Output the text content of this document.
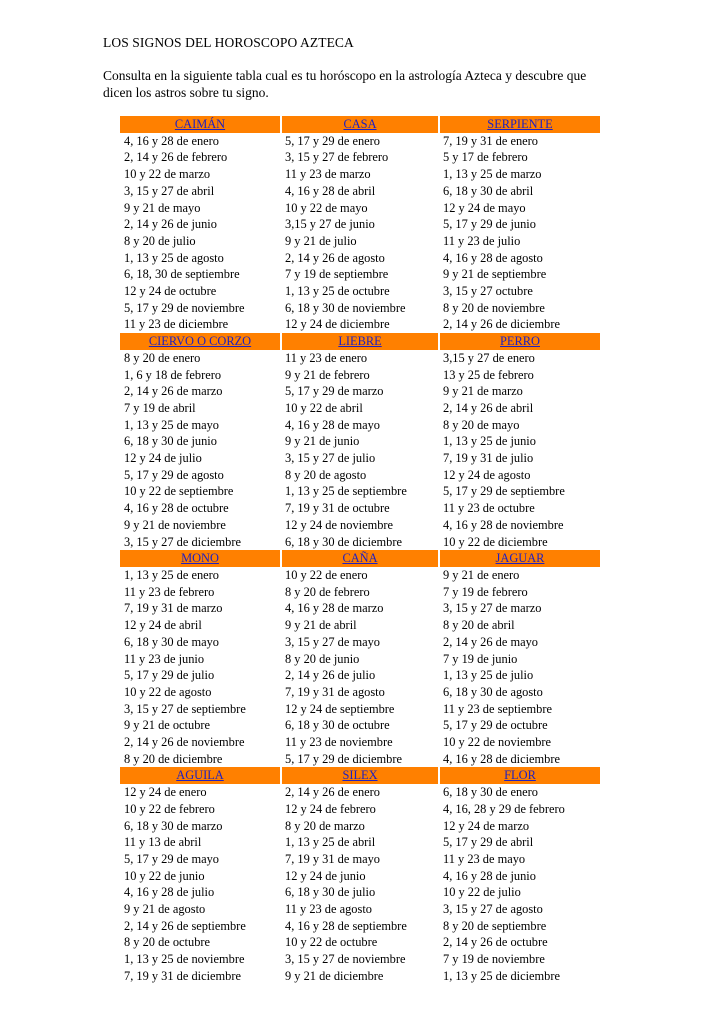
LOS SIGNOS DEL HOROSCOPO AZTECA
Consulta en la siguiente tabla cual es tu horóscopo en la astrología Azteca y descubre que dicen los astros sobre tu signo.
CAIMÁN	CASA	SERPIENTE
4, 16 y 28 de enero	5, 17 y 29 de enero	7, 19 y 31 de enero
2, 14 y 26 de febrero	3, 15 y 27 de febrero	5 y 17 de febrero
10 y 22 de marzo	11 y 23 de marzo	1, 13 y 25 de marzo
3, 15 y 27 de abril	4, 16 y 28 de abril	6, 18 y 30 de abril
9 y 21 de mayo	10 y 22 de mayo	12 y 24 de mayo
2, 14 y 26 de junio	3,15 y 27 de junio	5, 17 y 29 de junio
8 y 20 de julio	9 y 21 de julio	11 y 23 de julio
1, 13 y 25 de agosto	2, 14 y 26 de agosto	4, 16 y 28 de agosto
6, 18, 30 de septiembre	7 y 19 de septiembre	9 y 21 de septiembre
12 y 24 de octubre	1, 13 y 25 de octubre	3, 15 y 27 octubre
5, 17 y 29 de noviembre	6, 18 y 30 de noviembre	8 y 20 de noviembre
11 y 23 de diciembre	12 y 24 de diciembre	2, 14 y 26 de diciembre
CIERVO O CORZO	LIEBRE	PERRO
8 y 20 de enero	11 y 23 de enero	3,15 y 27 de enero
1, 6 y 18 de febrero	9 y 21 de febrero	13 y 25 de febrero
2, 14 y 26 de marzo	5, 17 y 29 de marzo	9 y 21 de marzo
7 y 19 de abril	10 y 22 de abril	2, 14 y 26 de abril
1, 13 y 25 de mayo	4, 16 y 28 de mayo	8 y 20 de mayo
6, 18 y 30 de junio	9 y 21 de junio	1, 13 y 25 de junio
12 y 24 de julio	3, 15 y 27 de julio	7, 19 y 31 de julio
5, 17 y 29 de agosto	8 y 20 de agosto	12 y 24 de agosto
10 y 22 de septiembre	1, 13 y 25 de septiembre	5, 17 y 29 de septiembre
4, 16 y 28 de octubre	7, 19 y 31 de octubre	11 y 23 de octubre
9 y 21 de noviembre	12 y 24 de noviembre	4, 16 y 28 de noviembre
3, 15 y 27 de diciembre	6, 18 y 30 de diciembre	10 y 22 de diciembre
MONO	CAÑA	JAGUAR
1, 13 y 25 de enero	10 y 22 de enero	9 y 21 de enero
11 y 23 de febrero	8 y 20 de febrero	7 y 19 de febrero
7, 19 y 31 de marzo	4, 16 y 28 de marzo	3, 15 y 27 de marzo
12 y 24 de abril	9 y 21 de abril	8 y 20 de abril
6, 18 y 30 de mayo	3, 15 y 27 de mayo	2, 14 y 26 de mayo
11 y 23 de junio	8 y 20 de junio	7 y 19 de junio
5, 17 y 29 de julio	2, 14 y 26 de julio	1, 13 y 25 de julio
10 y 22 de agosto	7, 19 y 31 de agosto	6, 18 y 30 de agosto
3, 15 y 27 de septiembre	12 y 24 de septiembre	11 y 23 de septiembre
9 y 21 de octubre	6, 18 y 30 de octubre	5, 17 y 29 de octubre
2, 14 y 26 de noviembre	11 y 23 de noviembre	10 y 22 de noviembre
8 y 20 de diciembre	5, 17 y 29 de diciembre	4, 16 y 28 de diciembre
AGUILA	SILEX	FLOR
12 y 24 de enero	2, 14 y 26 de enero	6, 18 y 30 de enero
10 y 22 de febrero	12 y 24 de febrero	4, 16, 28 y 29 de febrero
6, 18 y 30 de marzo	8 y 20 de marzo	12 y 24 de marzo
11 y 13 de abril	1, 13 y 25 de abril	5, 17 y 29 de abril
5, 17 y 29 de mayo	7, 19 y 31 de mayo	11 y 23 de mayo
10 y 22 de junio	12 y 24 de junio	4, 16 y 28 de junio
4, 16 y 28 de julio	6, 18 y 30 de julio	10 y 22 de julio
9 y 21 de agosto	11 y 23 de agosto	3, 15 y 27 de agosto
2, 14 y 26 de septiembre	4, 16 y 28 de septiembre	8 y 20 de septiembre
8 y 20 de octubre	10 y 22 de octubre	2, 14 y 26 de octubre
1, 13 y 25 de noviembre	3, 15 y 27 de noviembre	7 y 19 de noviembre
7, 19 y 31 de diciembre	9 y 21 de diciembre	1, 13 y 25 de diciembre
